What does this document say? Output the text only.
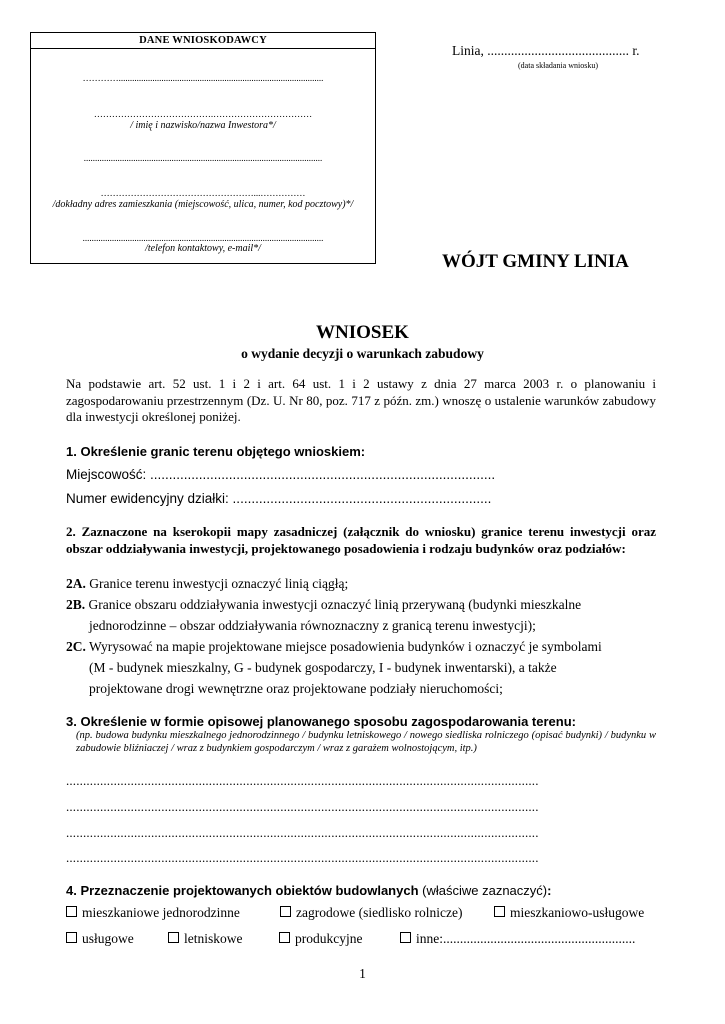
DANE WNIOSKODAWCY
…………...........................................................................................
………………………………….……………………………
/ imię i nazwisko/nazwa Inwestora*/
..........................................................................................................
……………………………………………...……………
/dokładny adres zamieszkania (miejscowość, ulica, numer, kod pocztowy)*/
...........................................................................................................
/telefon kontaktowy, e-mail*/
Linia, .......................................... r.
(data składania wniosku)
WÓJT GMINY LINIA
WNIOSEK
o wydanie decyzji o warunkach zabudowy

Na podstawie art. 52 ust. 1 i 2 i art. 64 ust. 1 i 2 ustawy z dnia 27 marca 2003 r. o planowaniu i zagospodarowaniu przestrzennym (Dz. U. Nr 80, poz. 717 z późn. zm.) wnoszę o ustalenie warunków zabudowy dla inwestycji określonej poniżej.

1. Określenie granic terenu objętego wnioskiem:
Miejscowość: ............................................................................................
Numer ewidencyjny działki: .....................................................................

2. Zaznaczone na kserokopii mapy zasadniczej (załącznik do wniosku) granice terenu inwestycji oraz obszar oddziaływania inwestycji, projektowanego posadowienia i rodzaju budynków oraz podziałów:

2A. Granice terenu inwestycji oznaczyć linią ciągłą;
2B. Granice obszaru oddziaływania inwestycji oznaczyć linią przerywaną (budynki mieszkalne
jednorodzinne – obszar oddziaływania równoznaczny z granicą terenu inwestycji);
2C. Wyrysować na mapie projektowane miejsce posadowienia budynków i oznaczyć je symbolami
(M - budynek mieszkalny, G - budynek gospodarczy, I - budynek inwentarski), a także
projektowane drogi wewnętrzne oraz projektowane podziały nieruchomości;
3. Określenie w formie opisowej planowanego sposobu zagospodarowania terenu:
(np. budowa budynku mieszkalnego jednorodzinnego / budynku letniskowego / nowego siedliska rolniczego (opisać budynki) / budynku w zabudowie bliźniaczej / wraz z budynkiem gospodarczym / wraz z garażem wolnostojącym, itp.)
...........................................................................................................................................
...........................................................................................................................................
...........................................................................................................................................
...........................................................................................................................................
4. Przeznaczenie projektowanych obiektów budowlanych (właściwe zaznaczyć):
mieszkaniowe jednorodzinne	zagrodowe (siedlisko rolnicze)	mieszkaniowo-usługowe
usługowe	letniskowe	produkcyjne	inne:.........................................................
1
